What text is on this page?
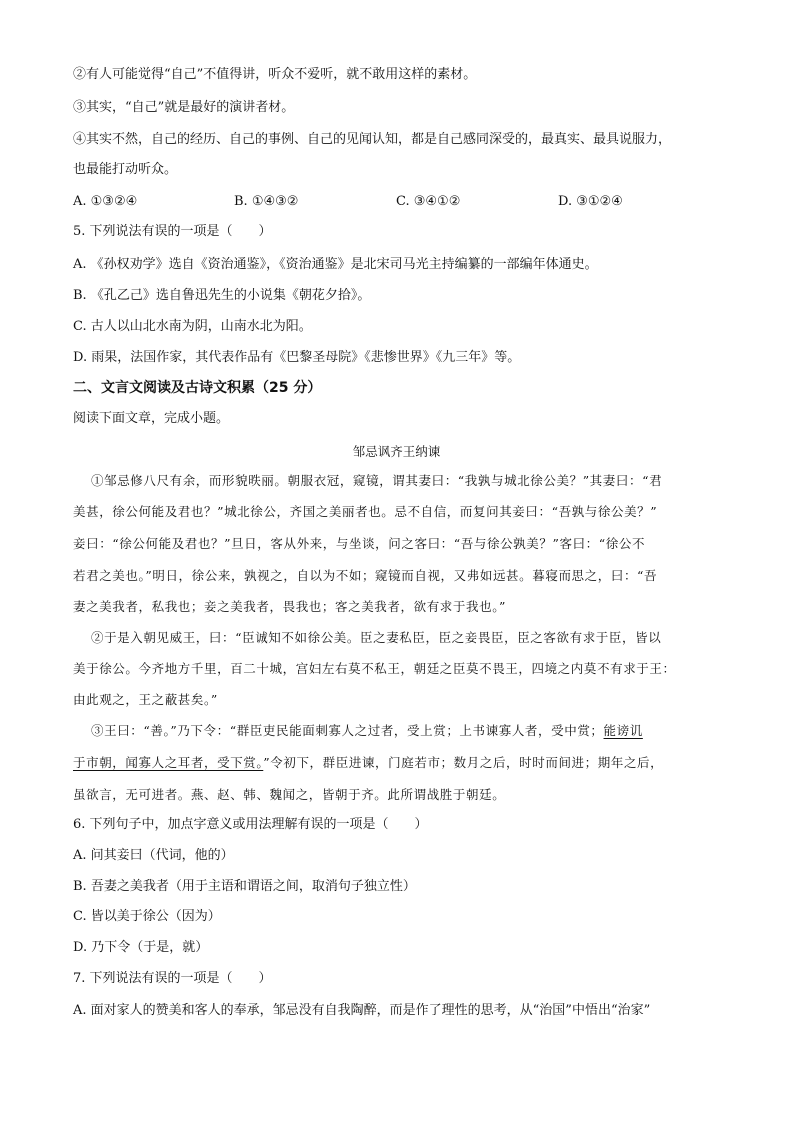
②有人可能觉得“自己”不值得讲，听众不爱听，就不敢用这样的素材。
③其实，“自己”就是最好的演讲者材。
④其实不然，自己的经历、自己的事例、自己的见闻认知，都是自己感同深受的，最真实、最具说服力，
也最能打动听众。
A. ①③②④	B. ①④③②	C. ③④①②	D. ③①②④
5. 下列说法有误的一项是（　　）
A. 《孙权劝学》选自《资治通鉴》，《资治通鉴》是北宋司马光主持编纂的一部编年体通史。
B. 《孔乙己》选自鲁迅先生的小说集《朝花夕拾》。
C. 古人以山北水南为阴，山南水北为阳。
D. 雨果，法国作家，其代表作品有《巴黎圣母院》《悲惨世界》《九三年》等。
二、文言文阅读及古诗文积累（25 分）
阅读下面文章，完成小题。
邹忌讽齐王纳谏
①邹忌修八尺有余，而形貌昳丽。朝服衣冠，窥镜，谓其妻曰：“我孰与城北徐公美？”其妻曰：“君
美甚，徐公何能及君也？”城北徐公，齐国之美丽者也。忌不自信，而复问其妾曰：“吾孰与徐公美？”
妾曰：“徐公何能及君也？”旦日，客从外来，与坐谈，问之客曰：“吾与徐公孰美？”客曰：“徐公不
若君之美也。”明日，徐公来，孰视之，自以为不如；窥镜而自视，又弗如远甚。暮寝而思之，曰：“吾
妻之美我者，私我也；妾之美我者，畏我也；客之美我者，欲有求于我也。”
②于是入朝见威王，曰：“臣诚知不如徐公美。臣之妻私臣，臣之妾畏臣，臣之客欲有求于臣，皆以
美于徐公。今齐地方千里，百二十城，宫妇左右莫不私王，朝廷之臣莫不畏王，四境之内莫不有求于王：
由此观之，王之蔽甚矣。”
③王曰：“善。”乃下令：“群臣吏民能面刺寡人之过者，受上赏；上书谏寡人者，受中赏；能谤讥
于市朝，闻寡人之耳者，受下赏。”令初下，群臣进谏，门庭若市；数月之后，时时而间进；期年之后，
虽欲言，无可进者。燕、赵、韩、魏闻之，皆朝于齐。此所谓战胜于朝廷。
6. 下列句子中，加点字意义或用法理解有误的一项是（　　）
A. 问其妾曰（代词，他的）
B. 吾妻之美我者（用于主语和谓语之间，取消句子独立性）
C. 皆以美于徐公（因为）
D. 乃下令（于是，就）
7. 下列说法有误的一项是（　　）
A. 面对家人的赞美和客人的奉承，邹忌没有自我陶醉，而是作了理性的思考，从“治国”中悟出“治家”
